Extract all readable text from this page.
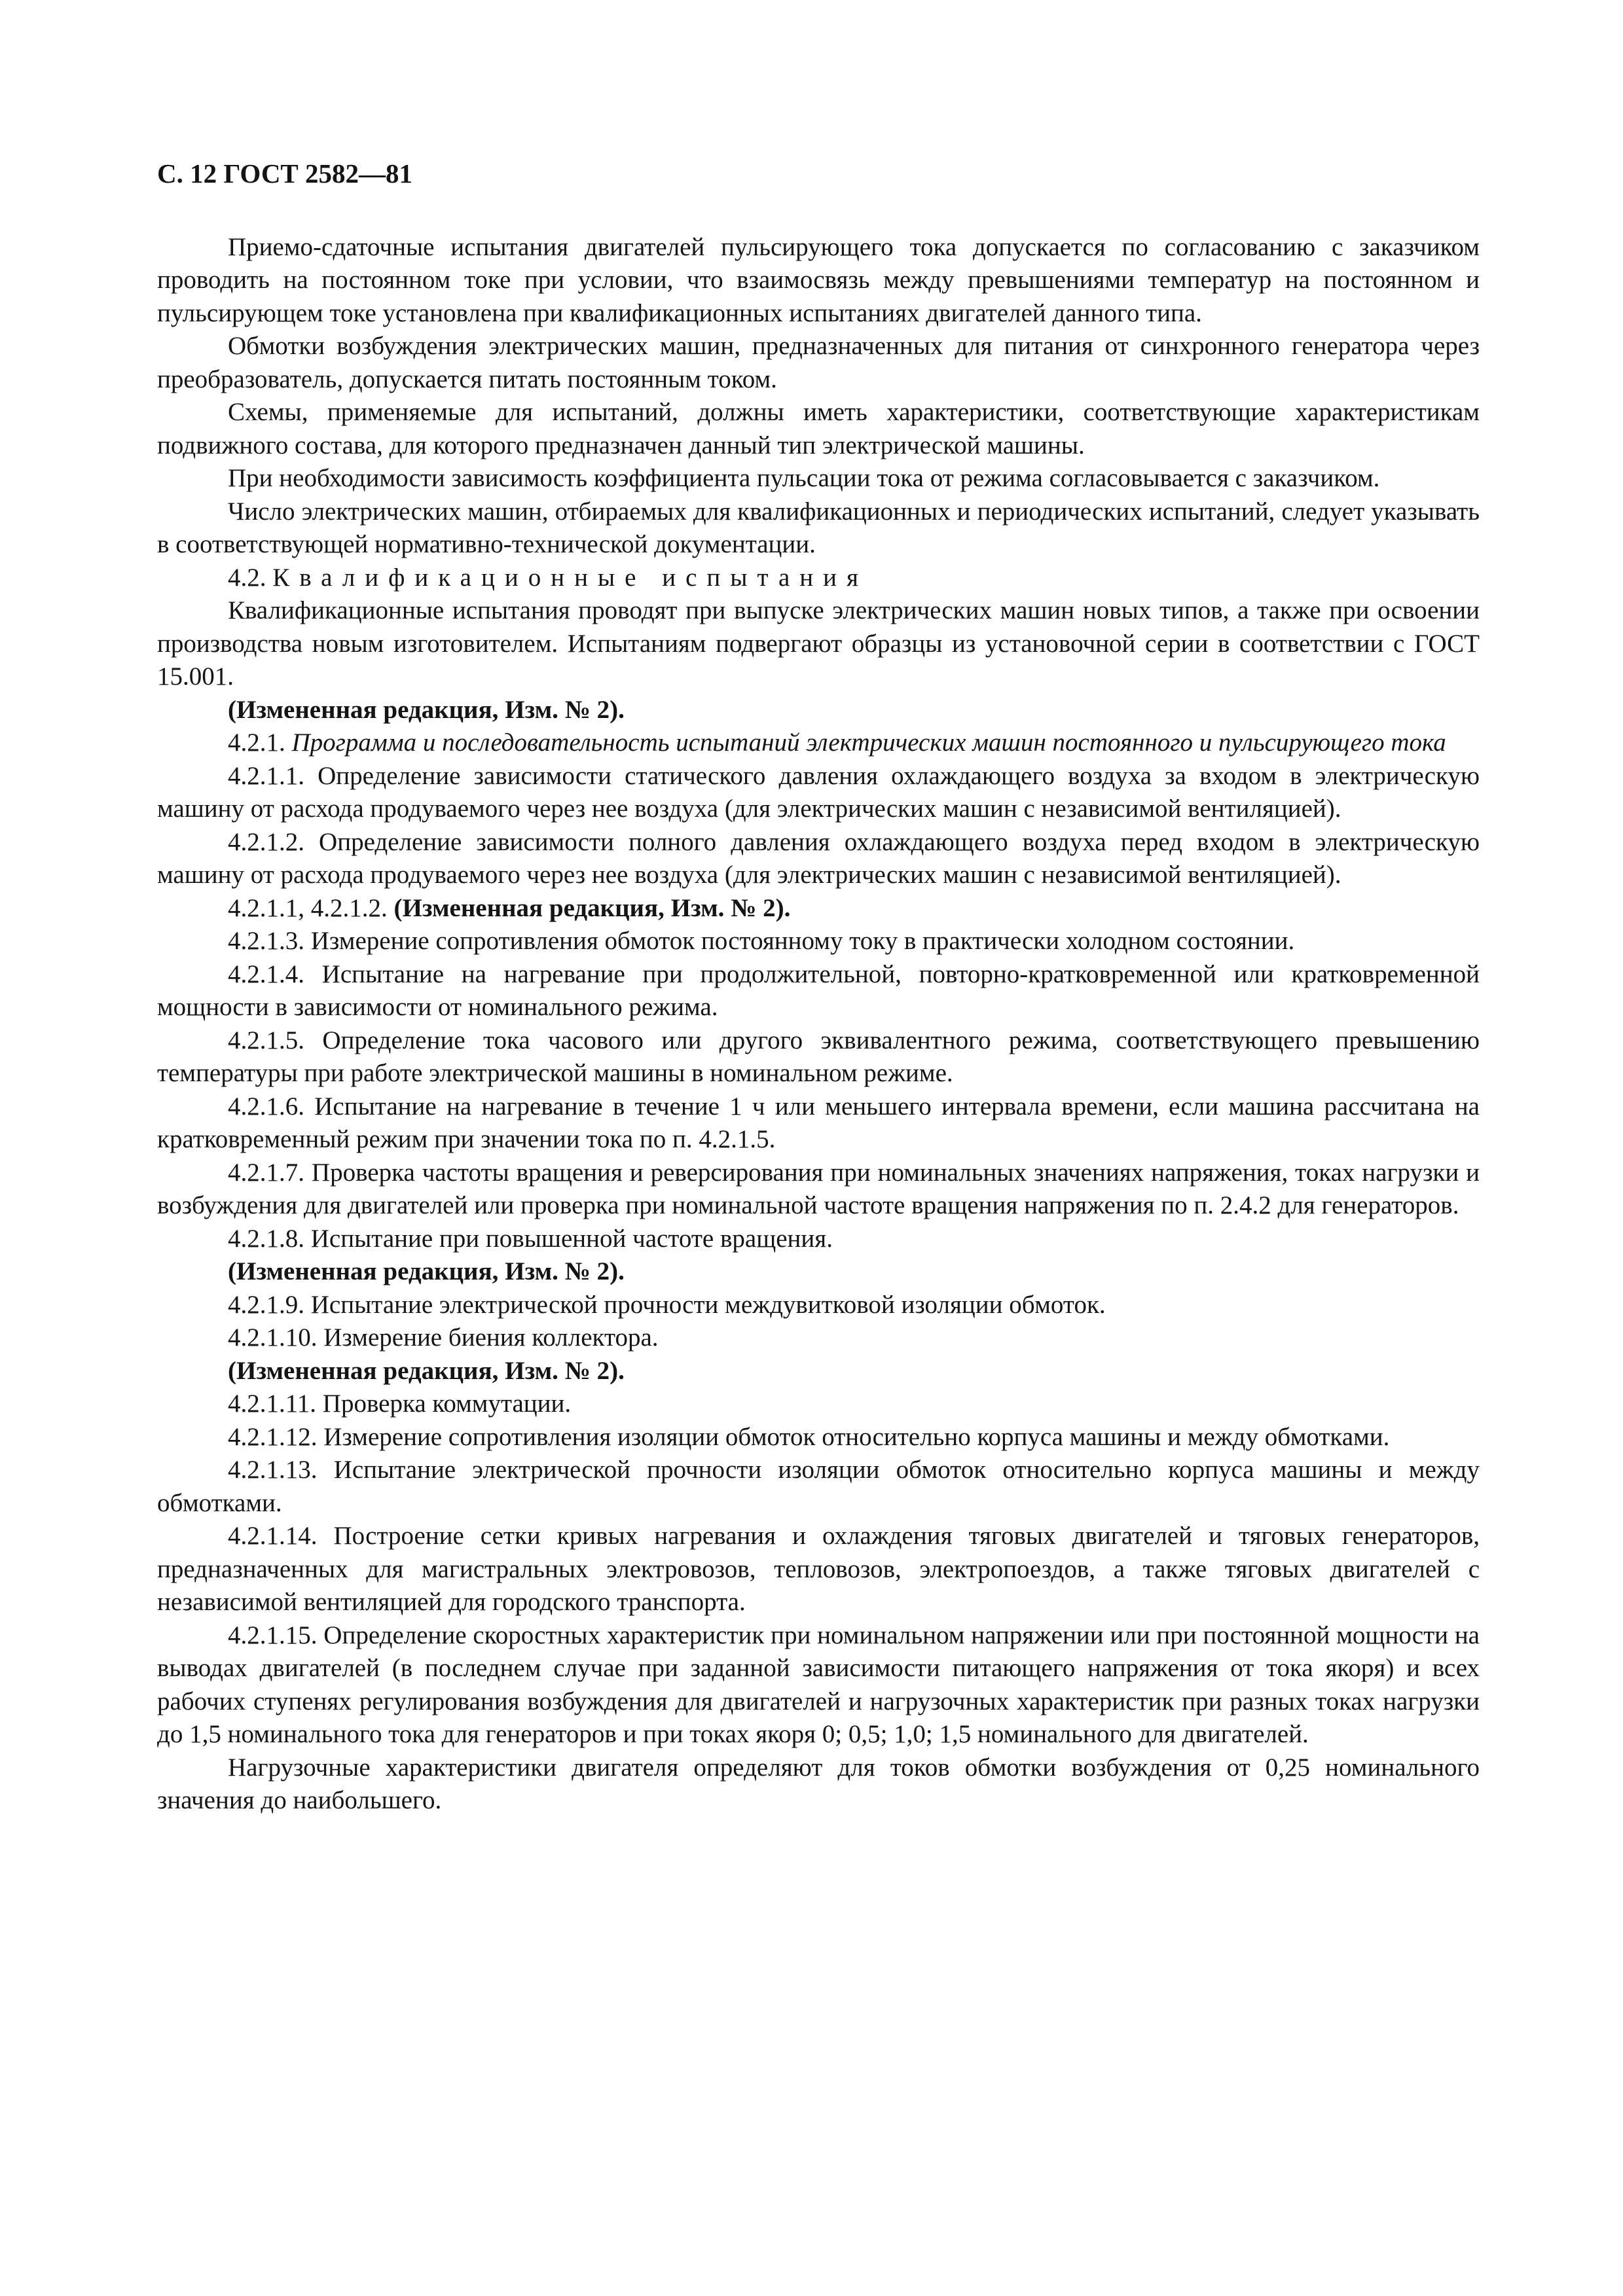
С. 12 ГОСТ 2582—81

Приемо-сдаточные испытания двигателей пульсирующего тока допускается по согласованию с заказчиком проводить на постоянном токе при условии, что взаимосвязь между превышениями температур на постоянном и пульсирующем токе установлена при квалификационных испытаниях двигателей данного типа.

Обмотки возбуждения электрических машин, предназначенных для питания от синхронного генератора через преобразователь, допускается питать постоянным током.

Схемы, применяемые для испытаний, должны иметь характеристики, соответствующие характеристикам подвижного состава, для которого предназначен данный тип электрической машины.

При необходимости зависимость коэффициента пульсации тока от режима согласовывается с заказчиком.

Число электрических машин, отбираемых для квалификационных и периодических испытаний, следует указывать в соответствующей нормативно-технической документации.

4.2. Квалификационные испытания

Квалификационные испытания проводят при выпуске электрических машин новых типов, а также при освоении производства новым изготовителем. Испытаниям подвергают образцы из установочной серии в соответствии с ГОСТ 15.001.

(Измененная редакция, Изм. № 2).

4.2.1. Программа и последовательность испытаний электрических машин постоянного и пульсирующего тока

4.2.1.1. Определение зависимости статического давления охлаждающего воздуха за входом в электрическую машину от расхода продуваемого через нее воздуха (для электрических машин с независимой вентиляцией).

4.2.1.2. Определение зависимости полного давления охлаждающего воздуха перед входом в электрическую машину от расхода продуваемого через нее воздуха (для электрических машин с независимой вентиляцией).

4.2.1.1, 4.2.1.2. (Измененная редакция, Изм. № 2).

4.2.1.3. Измерение сопротивления обмоток постоянному току в практически холодном состоянии.

4.2.1.4. Испытание на нагревание при продолжительной, повторно-кратковременной или кратковременной мощности в зависимости от номинального режима.

4.2.1.5. Определение тока часового или другого эквивалентного режима, соответствующего превышению температуры при работе электрической машины в номинальном режиме.

4.2.1.6. Испытание на нагревание в течение 1 ч или меньшего интервала времени, если машина рассчитана на кратковременный режим при значении тока по п. 4.2.1.5.

4.2.1.7. Проверка частоты вращения и реверсирования при номинальных значениях напряжения, токах нагрузки и возбуждения для двигателей или проверка при номинальной частоте вращения напряжения по п. 2.4.2 для генераторов.

4.2.1.8. Испытание при повышенной частоте вращения.

(Измененная редакция, Изм. № 2).

4.2.1.9. Испытание электрической прочности междувитковой изоляции обмоток.

4.2.1.10. Измерение биения коллектора.

(Измененная редакция, Изм. № 2).

4.2.1.11. Проверка коммутации.

4.2.1.12. Измерение сопротивления изоляции обмоток относительно корпуса машины и между обмотками.

4.2.1.13. Испытание электрической прочности изоляции обмоток относительно корпуса машины и между обмотками.

4.2.1.14. Построение сетки кривых нагревания и охлаждения тяговых двигателей и тяговых генераторов, предназначенных для магистральных электровозов, тепловозов, электропоездов, а также тяговых двигателей с независимой вентиляцией для городского транспорта.

4.2.1.15. Определение скоростных характеристик при номинальном напряжении или при постоянной мощности на выводах двигателей (в последнем случае при заданной зависимости питающего напряжения от тока якоря) и всех рабочих ступенях регулирования возбуждения для двигателей и нагрузочных характеристик при разных токах нагрузки до 1,5 номинального тока для генераторов и при токах якоря 0; 0,5; 1,0; 1,5 номинального для двигателей.

Нагрузочные характеристики двигателя определяют для токов обмотки возбуждения от 0,25 номинального значения до наибольшего.
